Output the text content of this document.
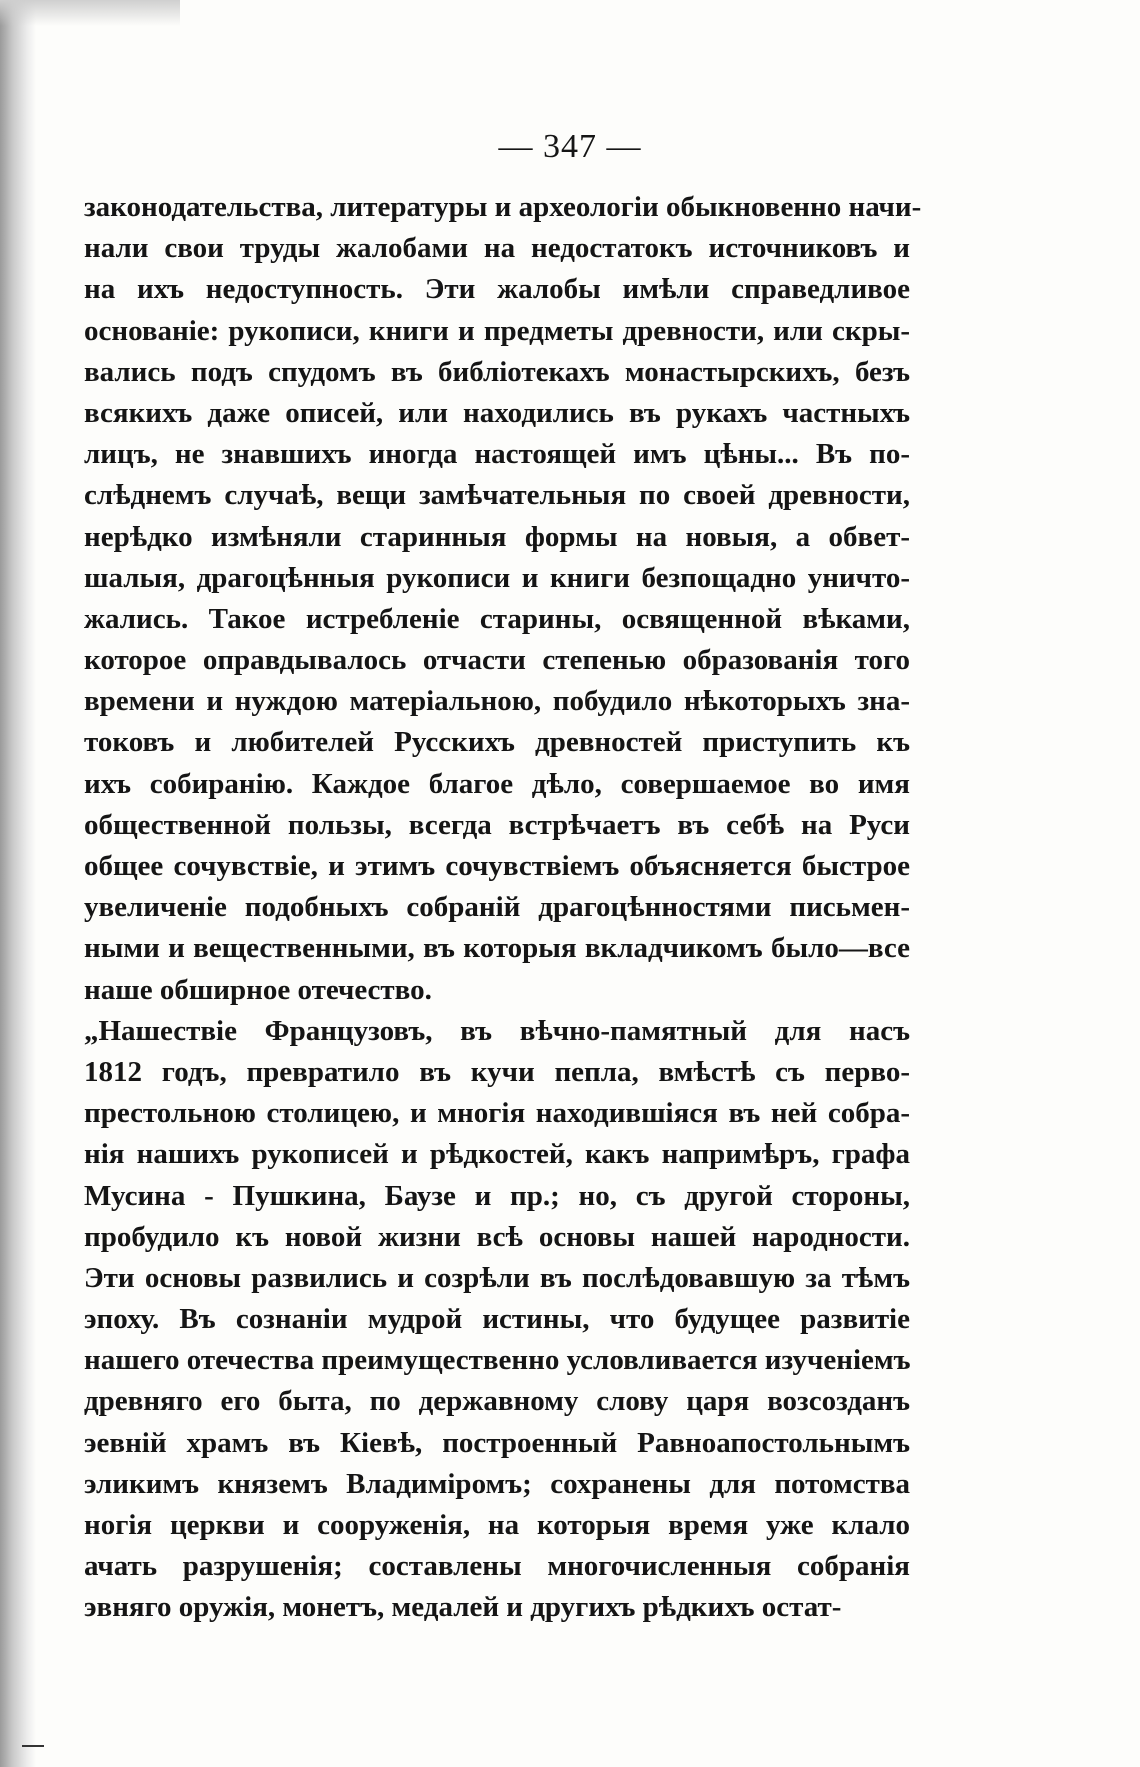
— 347 —
законодательства, литературы и археологіи обыкновенно начи-
нали свои труды жалобами на недостатокъ источниковъ и
на ихъ недоступность. Эти жалобы имѣли справедливое
основаніе: рукописи, книги и предметы древности, или скры-
вались подъ спудомъ въ библіотекахъ монастырскихъ, безъ
всякихъ даже описей, или находились въ рукахъ частныхъ
лицъ, не знавшихъ иногда настоящей имъ цѣны... Въ по-
слѣднемъ случаѣ, вещи замѣчательныя по своей древности,
нерѣдко измѣняли старинныя формы на новыя, а обвет-
шалыя, драгоцѣнныя рукописи и книги безпощадно уничто-
жались. Такое истребленіе старины, освященной вѣками,
которое оправдывалось отчасти степенью образованія того
времени и нуждою матеріальною, побудило нѣкоторыхъ зна-
токовъ и любителей Русскихъ древностей приступить къ
ихъ собиранію. Каждое благое дѣло, совершаемое во имя
общественной пользы, всегда встрѣчаетъ въ себѣ на Руси
общее сочувствіе, и этимъ сочувствіемъ объясняется быстрое
увеличеніе подобныхъ собраній драгоцѣнностями письмен-
ными и вещественными, въ которыя вкладчикомъ было—все
наше обширное отечество.
„Нашествіе Французовъ, въ вѣчно-памятный для насъ
1812 годъ, превратило въ кучи пепла, вмѣстѣ съ перво-
престольною столицею, и многія находившіяся въ ней собра-
нія нашихъ рукописей и рѣдкостей, какъ напримѣръ, графа
Мусина - Пушкина, Баузе и пр.; но, съ другой стороны,
пробудило къ новой жизни всѣ основы нашей народности.
Эти основы развились и созрѣли въ послѣдовавшую за тѣмъ
эпоху. Въ сознаніи мудрой истины, что будущее развитіе
нашего отечества преимущественно условливается изученіемъ
древняго его быта, по державному слову царя возсозданъ
эевній храмъ въ Кіевѣ, построенный Равноапостольнымъ
эликимъ княземъ Владиміромъ; сохранены для потомства
ногія церкви и сооруженія, на которыя время уже клало
ачать разрушенія; составлены многочисленныя собранія
эвняго оружія, монетъ, медалей и другихъ рѣдкихъ остат-
